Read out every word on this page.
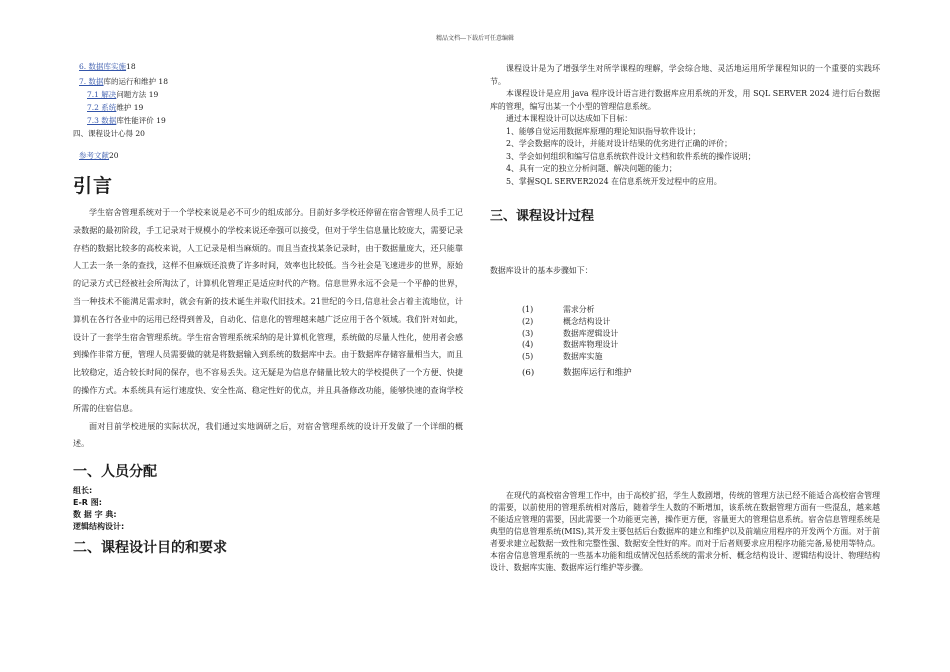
精品文档---下载后可任意编辑
6. 数据库实施18
7. 数据库的运行和维护 18
7.1 解决问题方法 19
7.2 系统维护 19
7.3 数据库性能评价 19
四、课程设计心得 20
参考文献20
引言

学生宿舍管理系统对于一个学校来说是必不可少的组成部分。目前好多学校还停留在宿舍管理人员手工记录数据的最初阶段，手工记录对于规模小的学校来说还牵强可以接受，但对于学生信息量比较庞大，需要记录存档的数据比较多的高校来说，人工记录是相当麻烦的。而且当查找某条记录时，由于数据量庞大，还只能靠人工去一条一条的查找，这样不但麻烦还浪费了许多时间，效率也比较低。当今社会是飞速进步的世界，原始的记录方式已经被社会所淘汰了，计算机化管理正是适应时代的产物。信息世界永远不会是一个平静的世界，当一种技术不能满足需求时，就会有新的技术诞生并取代旧技术。21世纪的今日,信息社会占着主流地位，计算机在各行各业中的运用已经得到普及，自动化、信息化的管理越来越广泛应用于各个领域。我们针对如此，设计了一套学生宿舍管理系统。学生宿舍管理系统采纳的是计算机化管理，系统做的尽量人性化，使用者会感到操作非常方便，管理人员需要做的就是将数据输入到系统的数据库中去。由于数据库存储容量相当大，而且比较稳定，适合较长时间的保存，也不容易丢失。这无疑是为信息存储量比较大的学校提供了一个方便、快捷的操作方式。本系统具有运行速度快、安全性高、稳定性好的优点，并且具备修改功能，能够快速的查询学校所需的住宿信息。

面对目前学校进展的实际状况，我们通过实地调研之后，对宿舍管理系统的设计开发做了一个详细的概述。

一、人员分配
组长:
E-R 图:
数 据 字 典:
逻辑结构设计:
二、课程设计目的和要求

课程设计是为了增强学生对所学课程的理解，学会综合地、灵活地运用所学课程知识的一个重要的实践环节。

本课程设计是应用 java 程序设计语言进行数据库应用系统的开发，用 SQL SERVER 2024 进行后台数据库的管理，编写出某一个小型的管理信息系统。

通过本课程设计可以达成如下目标：

1、能够自觉运用数据库原理的理论知识指导软件设计；
2、学会数据库的设计，并能对设计结果的优劣进行正确的评价；
3、学会如何组织和编写信息系统软件设计文档和软件系统的操作说明；
4、具有一定的独立分析问题、解决问题的能力；
5、掌握SQL SERVER2024 在信息系统开发过程中的应用。
三、课程设计过程
数据库设计的基本步骤如下：
(1)	需求分析
(2)	概念结构设计
(3)	数据库逻辑设计
(4)	数据库物理设计
(5)	数据库实施
(6)	数据库运行和维护

在现代的高校宿舍管理工作中，由于高校扩招，学生人数剧增，传统的管理方法已经不能适合高校宿舍管理的需要，以前使用的管理系统相对落后，随着学生人数的不断增加，该系统在数据管理方面有一些混乱，越来越不能适应管理的需要，因此需要一个功能更完善，操作更方便，容量更大的管理信息系统。宿舍信息管理系统是典型的信息管理系统(MIS),其开发主要包括后台数据库的建立和维护以及前端应用程序的开发两个方面。对于前者要求建立起数据一致性和完整性强、数据安全性好的库。而对于后者则要求应用程序功能完备,易使用等特点。本宿舍信息管理系统的一些基本功能和组成情况包括系统的需求分析、概念结构设计、逻辑结构设计、物理结构设计、数据库实施、数据库运行维护等步骤。
